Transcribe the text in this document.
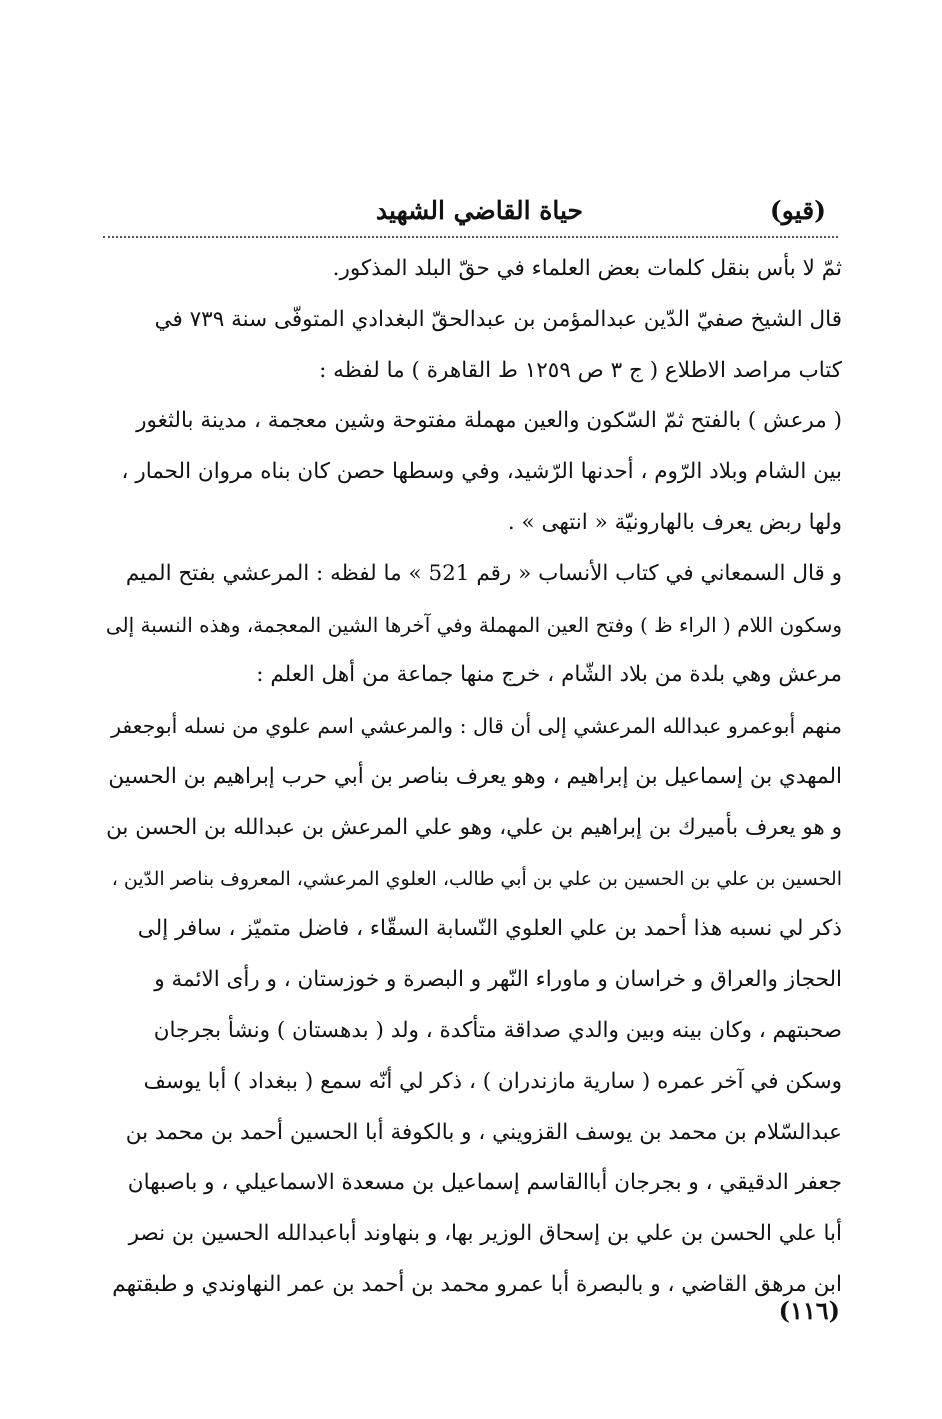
حياة القاضي الشهيد	(قيو)
ثمّ لا بأس بنقل كلمات بعض العلماء في حقّ البلد المذكور.
قال الشيخ صفيّ الدّين عبدالمؤمن بن عبدالحقّ البغدادي المتوفّى سنة ٧٣٩ في
كتاب مراصد الاطلاع ( ج ٣ ص ١٢٥٩ ط القاهرة ) ما لفظه :
( مرعش ) بالفتح ثمّ السّكون والعين مهملة مفتوحة وشين معجمة ، مدينة بالثغور
بين الشام وبلاد الرّوم ، أحدنها الرّشيد، وفي وسطها حصن كان بناه مروان الحمار ،
ولها ربض يعرف بالهارونيّة « انتهى » .
و قال السمعاني في كتاب الأنساب « رقم 521 » ما لفظه : المرعشي بفتح الميم
وسكون اللام ( الراء ظ ) وفتح العين المهملة وفي آخرها الشين المعجمة، وهذه النسبة إلى
مرعش وهي بلدة من بلاد الشّام ، خرج منها جماعة من أهل العلم :
منهم أبوعمرو عبدالله المرعشي إلى أن قال : والمرعشي اسم علوي من نسله أبوجعفر
المهدي بن إسماعيل بن إبراهيم ، وهو يعرف بناصر بن أبي حرب إبراهيم بن الحسين
و هو يعرف بأميرك بن إبراهيم بن علي، وهو علي المرعش بن عبدالله بن الحسن بن
الحسين بن علي بن الحسين بن علي بن أبي طالب، العلوي المرعشي، المعروف بناصر الدّين ،
ذكر لي نسبه هذا أحمد بن علي العلوي النّسابة السقّاء ، فاضل متميّز ، سافر إلى
الحجاز والعراق و خراسان و ماوراء النّهر و البصرة و خوزستان ، و رأى الائمة و
صحبتهم ، وكان بينه وبين والدي صداقة متأكدة ، ولد ( بدهستان ) ونشأ بجرجان
وسكن في آخر عمره ( سارية مازندران ) ، ذكر لي أنّه سمع ( ببغداد ) أبا يوسف
عبدالسّلام بن محمد بن يوسف القزويني ، و بالكوفة أبا الحسين أحمد بن محمد بن
جعفر الدقيقي ، و بجرجان أباالقاسم إسماعيل بن مسعدة الاسماعيلي ، و باصبهان
أبا علي الحسن بن علي بن إسحاق الوزير بها، و بنهاوند أباعبدالله الحسين بن نصر
ابن مرهق القاضي ، و بالبصرة أبا عمرو محمد بن أحمد بن عمر النهاوندي و طبقتهم
(١١٦)
